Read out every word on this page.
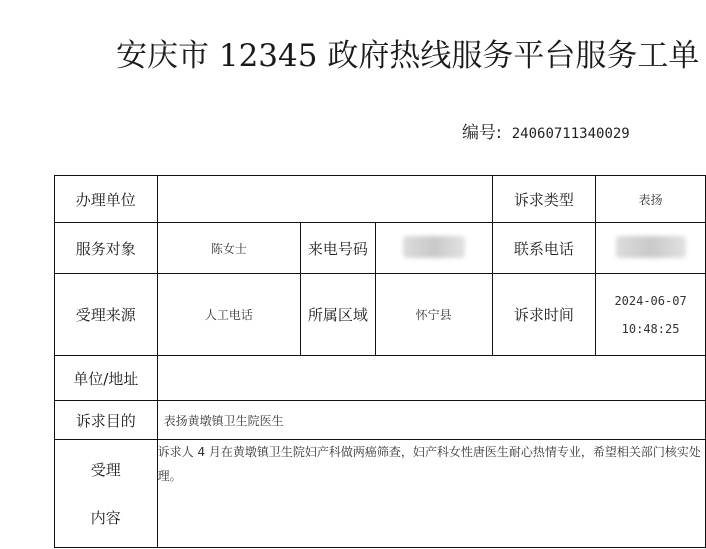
安庆市 12345 政府热线服务平台服务工单
编号: 24060711340029
办理单位				诉求类型	表扬
服务对象	陈女士	来电号码		联系电话	
受理来源	人工电话	所属区域	怀宁县	诉求时间	2024-06-07
10:48:25

单位/地址					
诉求目的	表扬黄墩镇卫生院医生				

受理
内容	诉求人 4 月在黄墩镇卫生院妇产科做两癌筛查，妇产科女性唐医生耐心热情专业，希望相关部门核实处理。				
